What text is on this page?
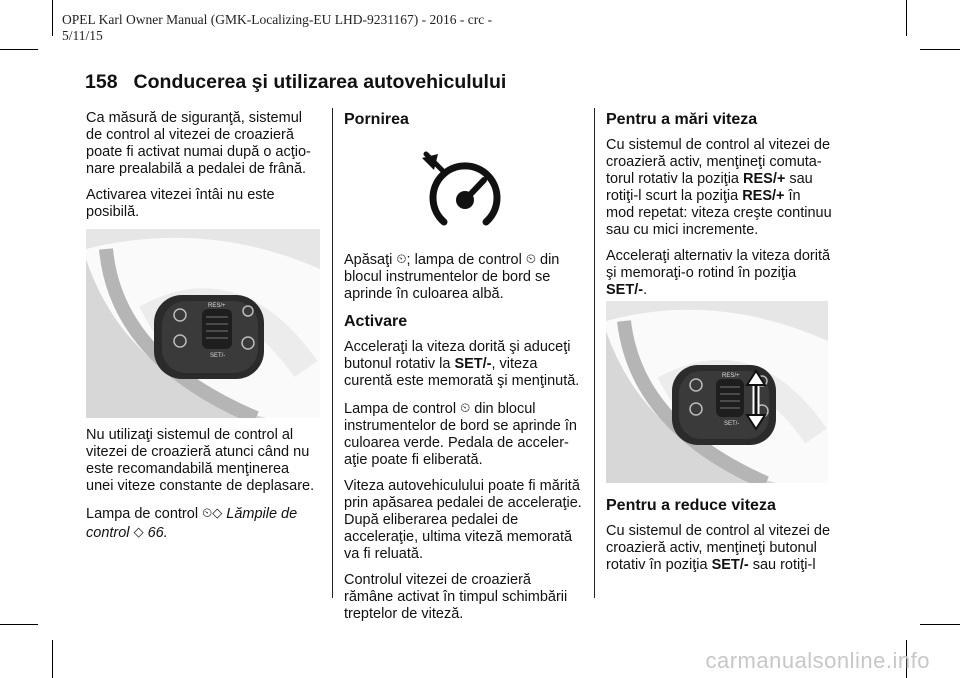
OPEL Karl Owner Manual (GMK-Localizing-EU LHD-9231167) - 2016 - crc -
5/11/15
158 Conducerea şi utilizarea autovehiculului

Ca măsură de siguranţă, sistemul de control al vitezei de croazieră poate fi activat numai după o acţio-nare prealabilă a pedalei de frână.

Activarea vitezei întâi nu este posibilă.

RES/+
SET/-

Nu utilizaţi sistemul de control al vitezei de croazieră atunci când nu este recomandabilă menţinerea unei viteze constante de deplasare.

Lampa de control ⏲◇ Lămpile de control ◇ 66.

Pornirea

Apăsaţi ⏲; lampa de control ⏲ din blocul instrumentelor de bord se aprinde în culoarea albă.

Activare

Acceleraţi la viteza dorită şi aduceţi butonul rotativ la SET/-, viteza curentă este memorată şi menţinută.

Lampa de control ⏲ din blocul instrumentelor de bord se aprinde în culoarea verde. Pedala de acceler-aţie poate fi eliberată.

Viteza autovehiculului poate fi mărită prin apăsarea pedalei de acceleraţie. După eliberarea pedalei de acceleraţie, ultima viteză memorată va fi reluată.

Controlul vitezei de croazieră rămâne activat în timpul schimbării treptelor de viteză.

Pentru a mări viteza

Cu sistemul de control al vitezei de croazieră activ, menţineţi comuta-torul rotativ la poziţia RES/+ sau rotiţi-l scurt la poziţia RES/+ în mod repetat: viteza creşte continuu sau cu mici incremente.

Acceleraţi alternativ la viteza dorită şi memoraţi-o rotind în poziţia SET/-.

RES/+
SET/-
Pentru a reduce viteza

Cu sistemul de control al vitezei de croazieră activ, menţineţi butonul rotativ în poziţia SET/- sau rotiţi-l

carmanualsonline.info
